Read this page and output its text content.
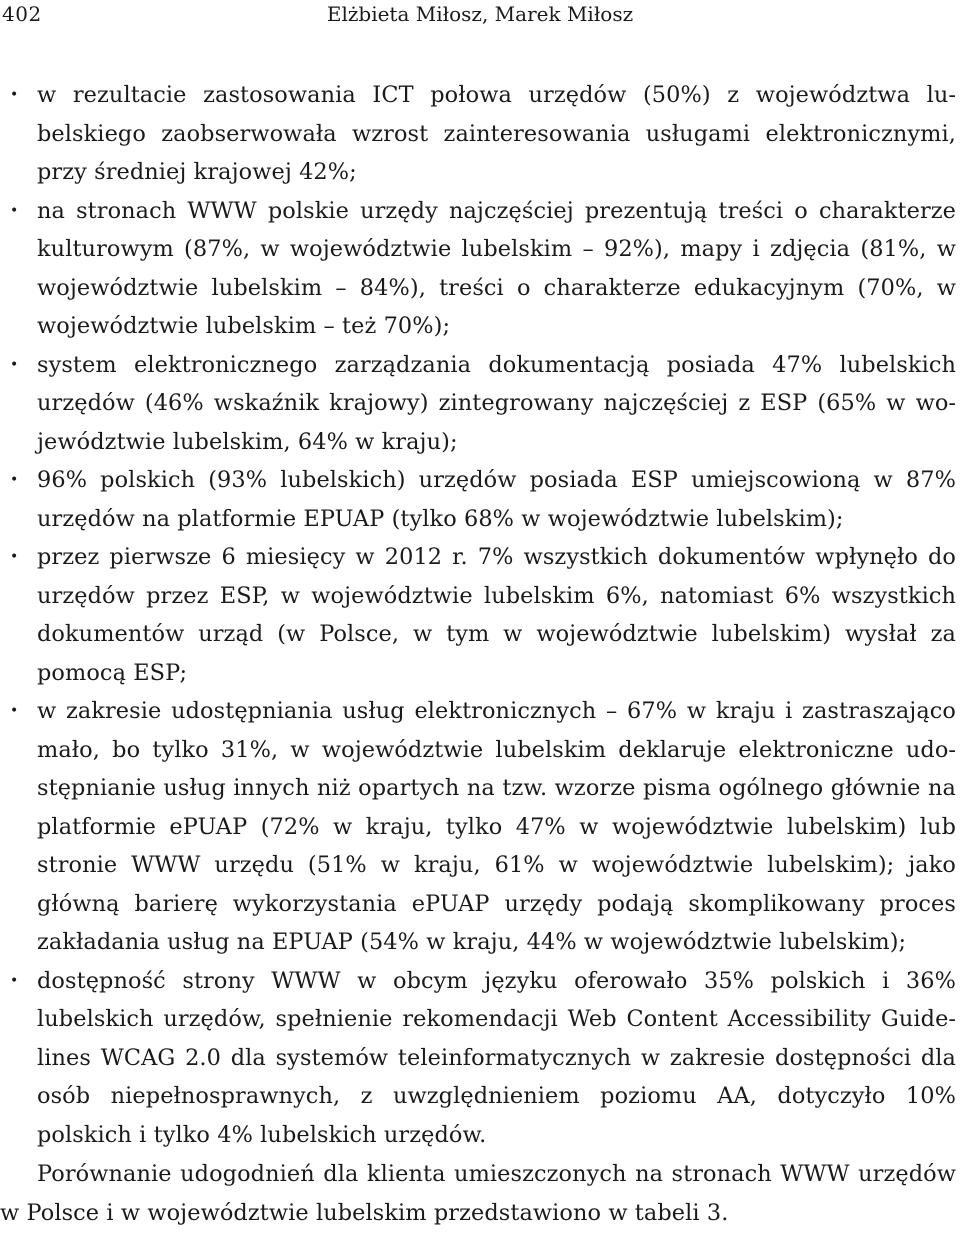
402	Elżbieta Miłosz, Marek Miłosz
• w rezultacie zastosowania ICT połowa urzędów (50%) z województwa lubelskiego zaobserwowała wzrost zainteresowania usługami elektronicznymi, przy średniej krajowej 42%;
• na stronach WWW polskie urzędy najczęściej prezentują treści o charakterze kulturowym (87%, w województwie lubelskim – 92%), mapy i zdjęcia (81%, w województwie lubelskim – 84%), treści o charakterze edukacyjnym (70%, w województwie lubelskim – też 70%);
• system elektronicznego zarządzania dokumentacją posiada 47% lubelskich urzędów (46% wskaźnik krajowy) zintegrowany najczęściej z ESP (65% w województwie lubelskim, 64% w kraju);
• 96% polskich (93% lubelskich) urzędów posiada ESP umiejscowioną w 87% urzędów na platformie EPUAP (tylko 68% w województwie lubelskim);
• przez pierwsze 6 miesięcy w 2012 r. 7% wszystkich dokumentów wpłynęło do urzędów przez ESP, w województwie lubelskim 6%, natomiast 6% wszystkich dokumentów urząd (w Polsce, w tym w województwie lubelskim) wysłał za pomocą ESP;
• w zakresie udostępniania usług elektronicznych – 67% w kraju i zastraszająco mało, bo tylko 31%, w województwie lubelskim deklaruje elektroniczne udostępnianie usług innych niż opartych na tzw. wzorze pisma ogólnego głównie na platformie ePUAP (72% w kraju, tylko 47% w województwie lubelskim) lub stronie WWW urzędu (51% w kraju, 61% w województwie lubelskim); jako główną barierę wykorzystania ePUAP urzędy podają skomplikowany proces zakładania usług na EPUAP (54% w kraju, 44% w województwie lubelskim);
• dostępność strony WWW w obcym języku oferowało 35% polskich i 36% lubelskich urzędów, spełnienie rekomendacji Web Content Accessibility Guidelines WCAG 2.0 dla systemów teleinformatycznych w zakresie dostępności dla osób niepełnosprawnych, z uwzględnieniem poziomu AA, dotyczyło 10% polskich i tylko 4% lubelskich urzędów.

Porównanie udogodnień dla klienta umieszczonych na stronach WWW urzędów w Polsce i w województwie lubelskim przedstawiono w tabeli 3.
